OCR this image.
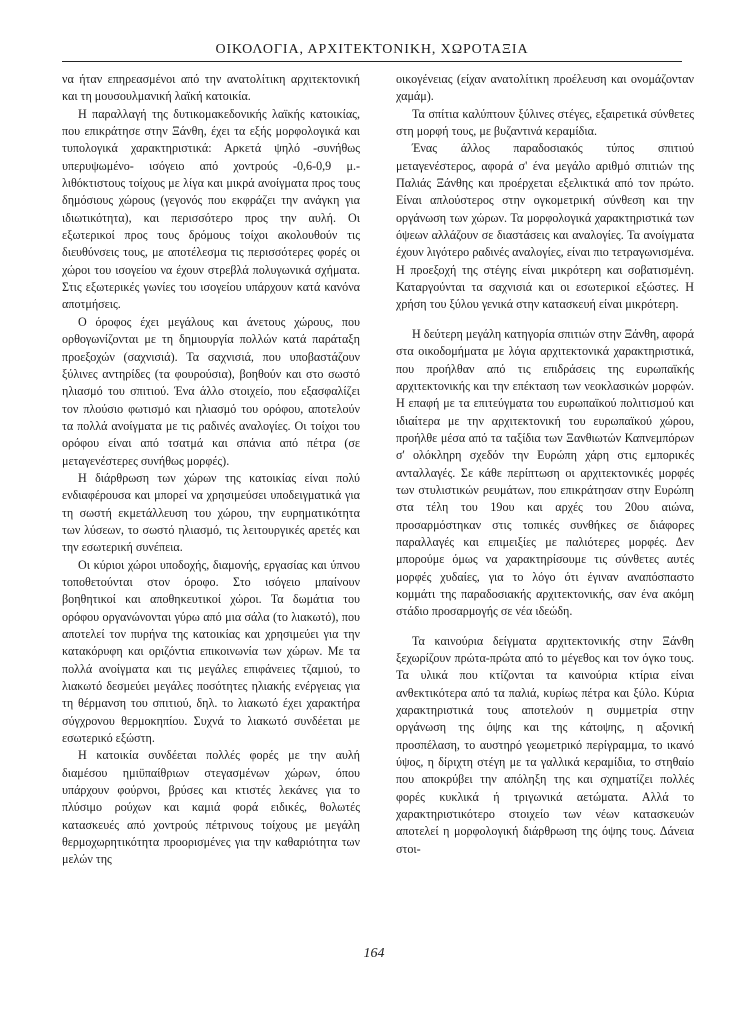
ΟΙΚΟΛΟΓΙΑ, ΑΡΧΙΤΕΚΤΟΝΙΚΗ, ΧΩΡΟΤΑΞΙΑ

να ήταν επηρεασμένοι από την ανατολίτικη αρχιτεκτονική και τη μουσουλμανική λαϊκή κατοικία.

Η παραλλαγή της δυτικομακεδονικής λαϊκής κατοικίας, που επικράτησε στην Ξάνθη, έχει τα εξής μορφολογικά και τυπολογικά χαρακτηριστικά: Αρκετά ψηλό -συνήθως υπερυψωμένο- ισόγειο από χοντρούς -0,6-0,9 μ.- λιθόκτιστους τοίχους με λίγα και μικρά ανοίγματα προς τους δημόσιους χώρους (γεγονός που εκφράζει την ανάγκη για ιδιωτικότητα), και περισσότερο προς την αυλή. Οι εξωτερικοί προς τους δρόμους τοίχοι ακολουθούν τις διευθύνσεις τους, με αποτέλεσμα τις περισσότερες φορές οι χώροι του ισογείου να έχουν στρεβλά πολυγωνικά σχήματα. Στις εξωτερικές γωνίες του ισογείου υπάρχουν κατά κανόνα αποτμήσεις.

Ο όροφος έχει μεγάλους και άνετους χώρους, που ορθογωνίζονται με τη δημιουργία πολλών κατά παράταξη προεξοχών (σαχνισιά). Τα σαχνισιά, που υποβαστάζουν ξύλινες αντηρίδες (τα φουρούσια), βοηθούν και στο σωστό ηλιασμό του σπιτιού. Ένα άλλο στοιχείο, που εξασφαλίζει τον πλούσιο φωτισμό και ηλιασμό του ορόφου, αποτελούν τα πολλά ανοίγματα με τις ραδινές αναλογίες. Οι τοίχοι του ορόφου είναι από τσατμά και σπάνια από πέτρα (σε μεταγενέστερες συνήθως μορφές).

Η διάρθρωση των χώρων της κατοικίας είναι πολύ ενδιαφέρουσα και μπορεί να χρησιμεύσει υποδειγματικά για τη σωστή εκμετάλλευση του χώρου, την ευρηματικότητα των λύσεων, το σωστό ηλιασμό, τις λειτουργικές αρετές και την εσωτερική συνέπεια.

Οι κύριοι χώροι υποδοχής, διαμονής, εργασίας και ύπνου τοποθετούνται στον όροφο. Στο ισόγειο μπαίνουν βοηθητικοί και αποθηκευτικοί χώροι. Τα δωμάτια του ορόφου οργανώνονται γύρω από μια σάλα (το λιακωτό), που αποτελεί τον πυρήνα της κατοικίας και χρησιμεύει για την κατακόρυφη και οριζόντια επικοινωνία των χώρων. Με τα πολλά ανοίγματα και τις μεγάλες επιφάνειες τζαμιού, το λιακωτό δεσμεύει μεγάλες ποσότητες ηλιακής ενέργειας για τη θέρμανση του σπιτιού, δηλ. το λιακωτό έχει χαρακτήρα σύγχρονου θερμοκηπίου. Συχνά το λιακωτό συνδέεται με εσωτερικό εξώστη.

Η κατοικία συνδέεται πολλές φορές με την αυλή διαμέσου ημιϋπαίθριων στεγασμένων χώρων, όπου υπάρχουν φούρνοι, βρύσες και κτιστές λεκάνες για το πλύσιμο ρούχων και καμιά φορά ειδικές, θολωτές κατασκευές από χοντρούς πέτρινους τοίχους με μεγάλη θερμοχωρητικότητα προορισμένες για την καθαριότητα των μελών της

οικογένειας (είχαν ανατολίτικη προέλευση και ονομάζονταν χαμάμ).

Τα σπίτια καλύπτουν ξύλινες στέγες, εξαιρετικά σύνθετες στη μορφή τους, με βυζαντινά κεραμίδια.

Ένας άλλος παραδοσιακός τύπος σπιτιού μεταγενέστερος, αφορά σ' ένα μεγάλο αριθμό σπιτιών της Παλιάς Ξάνθης και προέρχεται εξελικτικά από τον πρώτο. Είναι απλούστερος στην ογκομετρική σύνθεση και την οργάνωση των χώρων. Τα μορφολογικά χαρακτηριστικά των όψεων αλλάζουν σε διαστάσεις και αναλογίες. Τα ανοίγματα έχουν λιγότερο ραδινές αναλογίες, είναι πιο τετραγωνισμένα. Η προεξοχή της στέγης είναι μικρότερη και σοβατισμένη. Καταργούνται τα σαχνισιά και οι εσωτερικοί εξώστες. Η χρήση του ξύλου γενικά στην κατασκευή είναι μικρότερη.

Η δεύτερη μεγάλη κατηγορία σπιτιών στην Ξάνθη, αφορά στα οικοδομήματα με λόγια αρχιτεκτονικά χαρακτηριστικά, που προήλθαν από τις επιδράσεις της ευρωπαϊκής αρχιτεκτονικής και την επέκταση των νεοκλασικών μορφών. Η επαφή με τα επιτεύγματα του ευρωπαϊκού πολιτισμού και ιδιαίτερα με την αρχιτεκτονική του ευρωπαϊκού χώρου, προήλθε μέσα από τα ταξίδια των Ξανθιωτών Καπνεμπόρων σ' ολόκληρη σχεδόν την Ευρώπη χάρη στις εμπορικές ανταλλαγές. Σε κάθε περίπτωση οι αρχιτεκτονικές μορφές των στυλιστικών ρευμάτων, που επικράτησαν στην Ευρώπη στα τέλη του 19ου και αρχές του 20ου αιώνα, προσαρμόστηκαν στις τοπικές συνθήκες σε διάφορες παραλλαγές και επιμειξίες με παλιότερες μορφές. Δεν μπορούμε όμως να χαρακτηρίσουμε τις σύνθετες αυτές μορφές χυδαίες, για το λόγο ότι έγιναν αναπόσπαστο κομμάτι της παραδοσιακής αρχιτεκτονικής, σαν ένα ακόμη στάδιο προσαρμογής σε νέα ιδεώδη.

Τα καινούρια δείγματα αρχιτεκτονικής στην Ξάνθη ξεχωρίζουν πρώτα-πρώτα από το μέγεθος και τον όγκο τους. Τα υλικά που κτίζονται τα καινούρια κτίρια είναι ανθεκτικότερα από τα παλιά, κυρίως πέτρα και ξύλο. Κύρια χαρακτηριστικά τους αποτελούν η συμμετρία στην οργάνωση της όψης και της κάτοψης, η αξονική προσπέλαση, το αυστηρό γεωμετρικό περίγραμμα, το ικανό ύψος, η δίριχτη στέγη με τα γαλλικά κεραμίδια, το στηθαίο που αποκρύβει την απόληξη της και σχηματίζει πολλές φορές κυκλικά ή τριγωνικά αετώματα. Αλλά το χαρακτηριστικότερο στοιχείο των νέων κατασκευών αποτελεί η μορφολογική διάρθρωση της όψης τους. Δάνεια στοι-

164
